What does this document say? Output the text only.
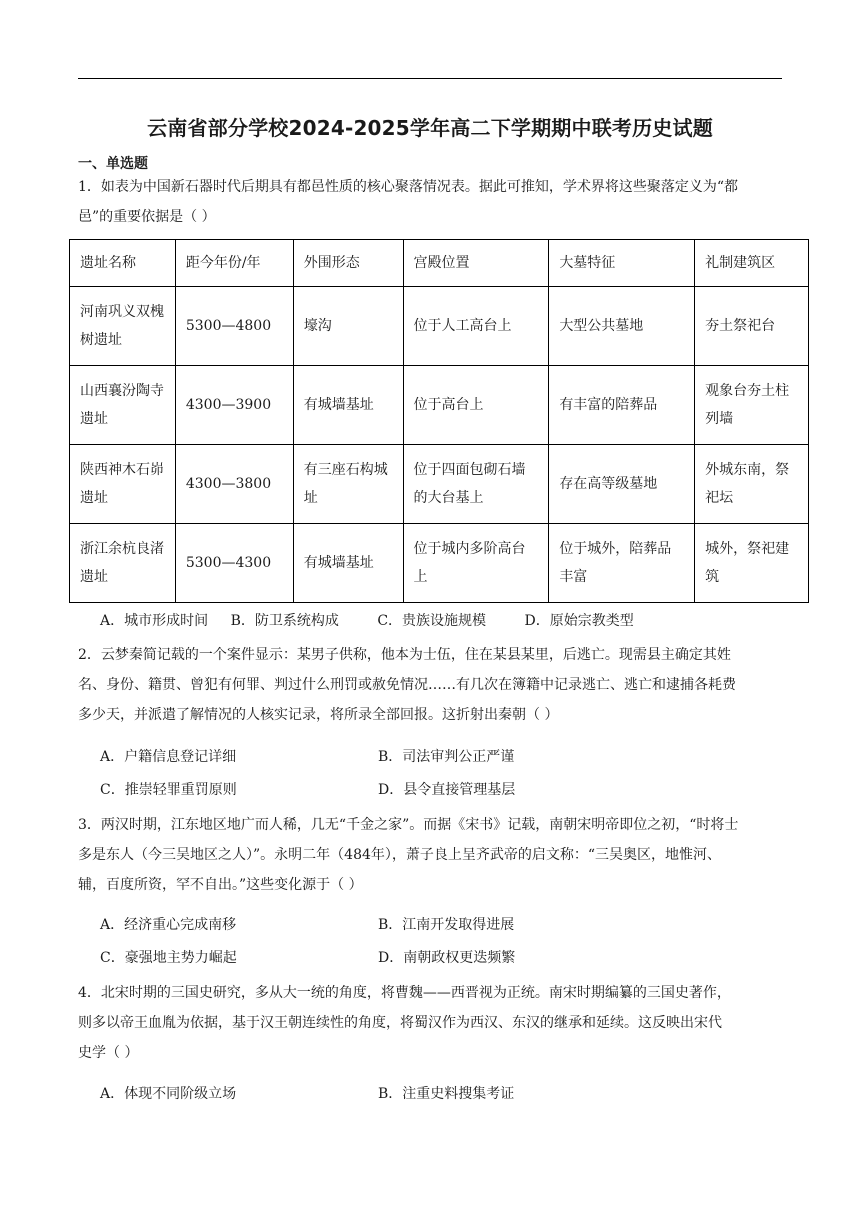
云南省部分学校2024-2025学年高二下学期期中联考历史试题
一、单选题
1．如表为中国新石器时代后期具有都邑性质的核心聚落情况表。据此可推知，学术界将这些聚落定义为“都
邑”的重要依据是（ ）
遗址名称	距今年份/年	外围形态	宫殿位置	大墓特征	礼制建筑区
河南巩义双槐树遗址	5300—4800	壕沟	位于人工高台上	大型公共墓地	夯土祭祀台
山西襄汾陶寺遗址	4300—3900	有城墙基址	位于高台上	有丰富的陪葬品	观象台夯土柱列墙
陕西神木石峁遗址	4300—3800	有三座石构城址	位于四面包砌石墙的大台基上	存在高等级墓地	外城东南，祭祀坛
浙江余杭良渚遗址	5300—4300	有城墙基址	位于城内多阶高台上	位于城外，陪葬品丰富	城外，祭祀建筑
A．城市形成时间 B．防卫系统构成	C．贵族设施规模	D．原始宗教类型
2．云梦秦简记载的一个案件显示：某男子供称，他本为士伍，住在某县某里，后逃亡。现需县主确定其姓
名、身份、籍贯、曾犯有何罪、判过什么刑罚或赦免情况……有几次在簿籍中记录逃亡、逃亡和逮捕各耗费
多少天，并派遣了解情况的人核实记录，将所录全部回报。这折射出秦朝（ ）
A．户籍信息登记详细	B．司法审判公正严谨
C．推崇轻罪重罚原则	D．县令直接管理基层
3．两汉时期，江东地区地广而人稀，几无“千金之家”。而据《宋书》记载，南朝宋明帝即位之初，“时将士
多是东人（今三吴地区之人）”。永明二年（484年），萧子良上呈齐武帝的启文称：“三吴奥区，地惟河、
辅，百度所资，罕不自出。”这些变化源于（ ）
A．经济重心完成南移	B．江南开发取得进展
C．豪强地主势力崛起	D．南朝政权更迭频繁
4．北宋时期的三国史研究，多从大一统的角度，将曹魏——西晋视为正统。南宋时期编纂的三国史著作，
则多以帝王血胤为依据，基于汉王朝连续性的角度，将蜀汉作为西汉、东汉的继承和延续。这反映出宋代
史学（ ）
A．体现不同阶级立场	B．注重史料搜集考证
